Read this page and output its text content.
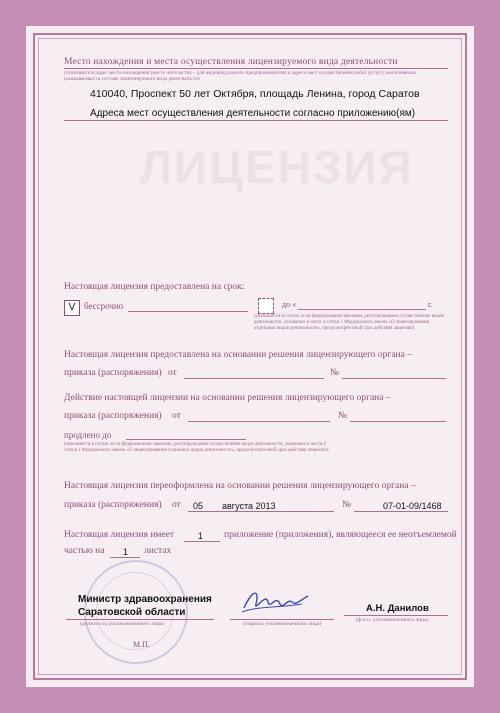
ЛИЦЕНЗИЯ
Место нахождения и места осуществления лицензируемого вида деятельности
(указываются адрес места нахождения (место жительства – для индивидуального предпринимателя) и адреса мест осуществления работ (услуг), выполняемых (оказываемых) в составе лицензируемого вида деятельности)
410040, Проспект 50 лет Октября, площадь Ленина, город Саратов
Адреса мест осуществления деятельности согласно приложению(ям)
Настоящая лицензия предоставлена на срок:
V бессрочно	до «	г.
(указывается в случае, если федеральными законами, регулирующими осуществление видов деятельности, указанных в части 4 статьи 1 Федерального закона «О лицензировании отдельных видов деятельности», предусмотрен иной срок действия лицензии)
Настоящая лицензия предоставлена на основании решения лицензирующего органа –
приказа (распоряжения) от	№
Действие настоящей лицензии на основании решения лицензирующего органа –
приказа (распоряжения) от	№
продлено до
(заполняется в случае, если федеральными законами, регулирующими осуществление видов деятельности, указанных в части 4 статьи 1 Федерального закона «О лицензировании отдельных видов деятельности», предусмотрен иной срок действия лицензии)
Настоящая лицензия переоформлена на основании решения лицензирующего органа –
приказа (распоряжения) от 05 августа 2013	№	07-01-09/1468
Настоящая лицензия имеет	1 приложение (приложения), являющееся ее неотъемлемой
частью на 1 листах
Министр здравоохранения
Саратовской области
(должность уполномоченного лица)	(подпись уполномоченного лица)
А.Н. Данилов
(ф.и.о. уполномоченного лица)
М.П.
